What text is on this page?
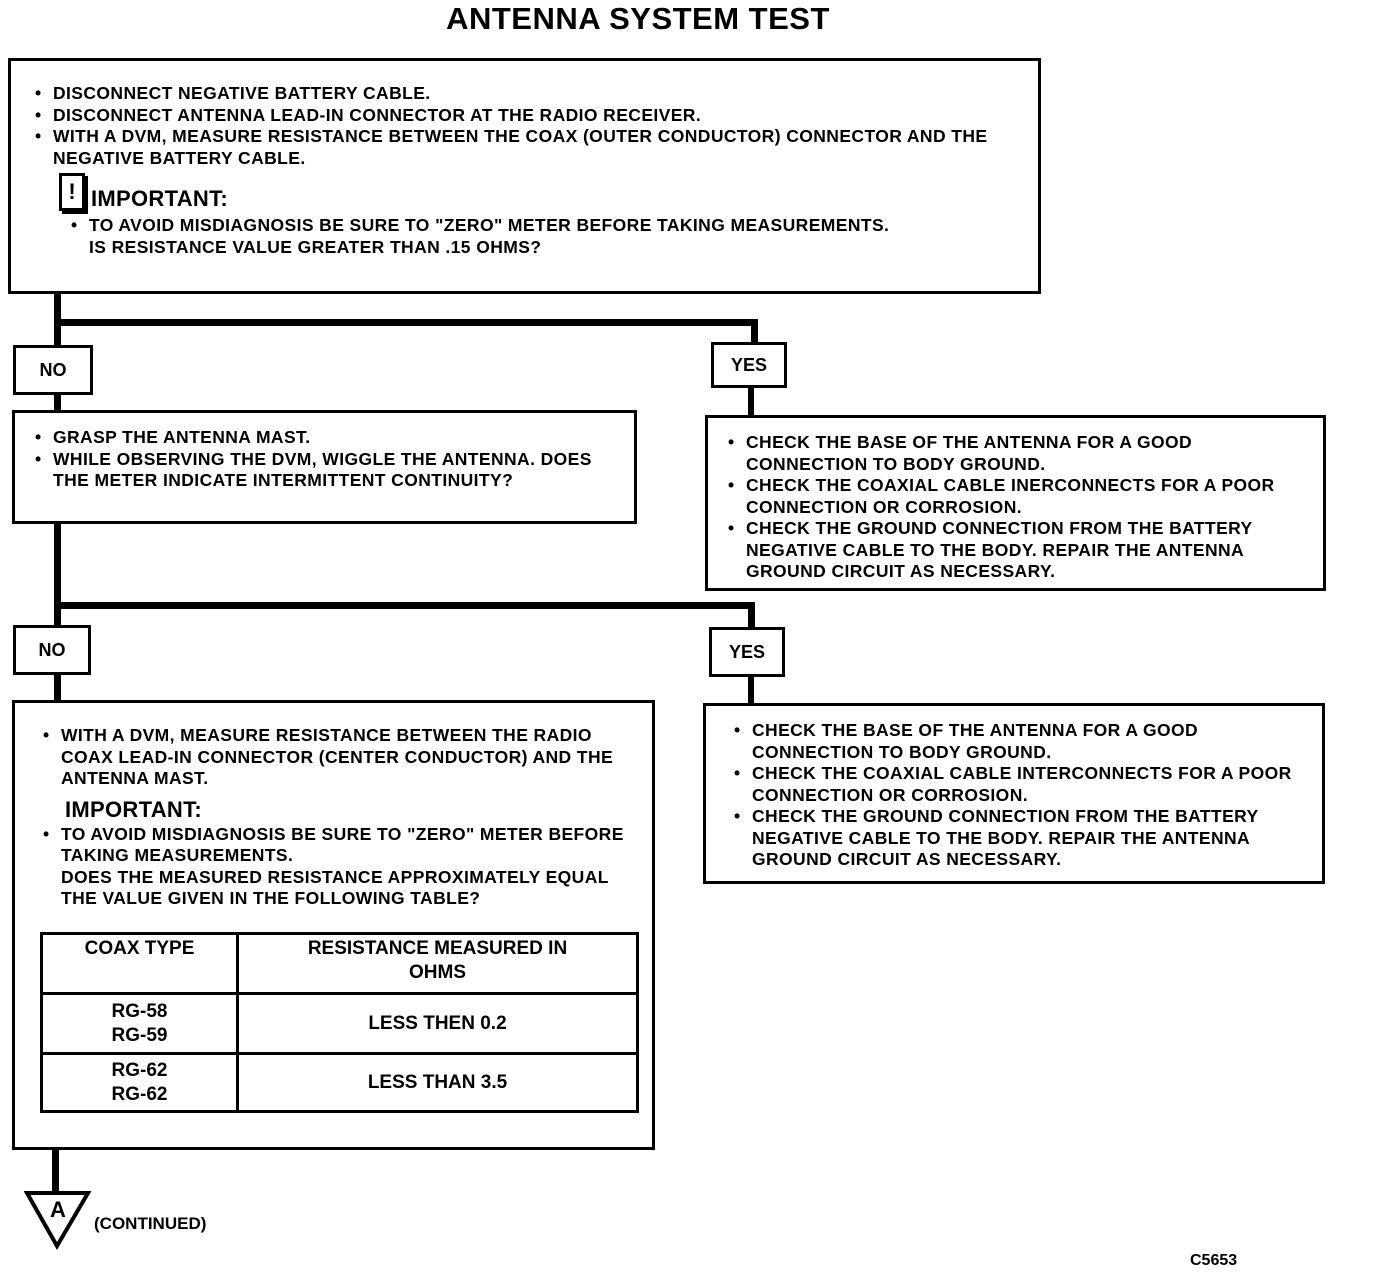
ANTENNA SYSTEM TEST
• DISCONNECT NEGATIVE BATTERY CABLE.
• DISCONNECT ANTENNA LEAD-IN CONNECTOR AT THE RADIO RECEIVER.
• WITH A DVM, MEASURE RESISTANCE BETWEEN THE COAX (OUTER CONDUCTOR) CONNECTOR AND THE NEGATIVE BATTERY CABLE.
! IMPORTANT:
• TO AVOID MISDIAGNOSIS BE SURE TO "ZERO" METER BEFORE TAKING MEASUREMENTS.
IS RESISTANCE VALUE GREATER THAN .15 OHMS?
NO	YES
• GRASP THE ANTENNA MAST.
• WHILE OBSERVING THE DVM, WIGGLE THE ANTENNA. DOES THE METER INDICATE INTERMITTENT CONTINUITY?
• CHECK THE BASE OF THE ANTENNA FOR A GOOD CONNECTION TO BODY GROUND.
• CHECK THE COAXIAL CABLE INERCONNECTS FOR A POOR CONNECTION OR CORROSION.
• CHECK THE GROUND CONNECTION FROM THE BATTERY NEGATIVE CABLE TO THE BODY. REPAIR THE ANTENNA GROUND CIRCUIT AS NECESSARY.
NO	YES
• WITH A DVM, MEASURE RESISTANCE BETWEEN THE RADIO COAX LEAD-IN CONNECTOR (CENTER CONDUCTOR) AND THE ANTENNA MAST.
IMPORTANT:
• TO AVOID MISDIAGNOSIS BE SURE TO "ZERO" METER BEFORE TAKING MEASUREMENTS.
DOES THE MEASURED RESISTANCE APPROXIMATELY EQUAL THE VALUE GIVEN IN THE FOLLOWING TABLE?
COAX TYPE	RESISTANCE MEASURED IN OHMS

RG-58
RG-59	LESS THEN 0.2

RG-62
RG-62	LESS THAN 3.5
• CHECK THE BASE OF THE ANTENNA FOR A GOOD CONNECTION TO BODY GROUND.
• CHECK THE COAXIAL CABLE INTERCONNECTS FOR A POOR CONNECTION OR CORROSION.
• CHECK THE GROUND CONNECTION FROM THE BATTERY NEGATIVE CABLE TO THE BODY. REPAIR THE ANTENNA GROUND CIRCUIT AS NECESSARY.
A
(CONTINUED)
C5653
